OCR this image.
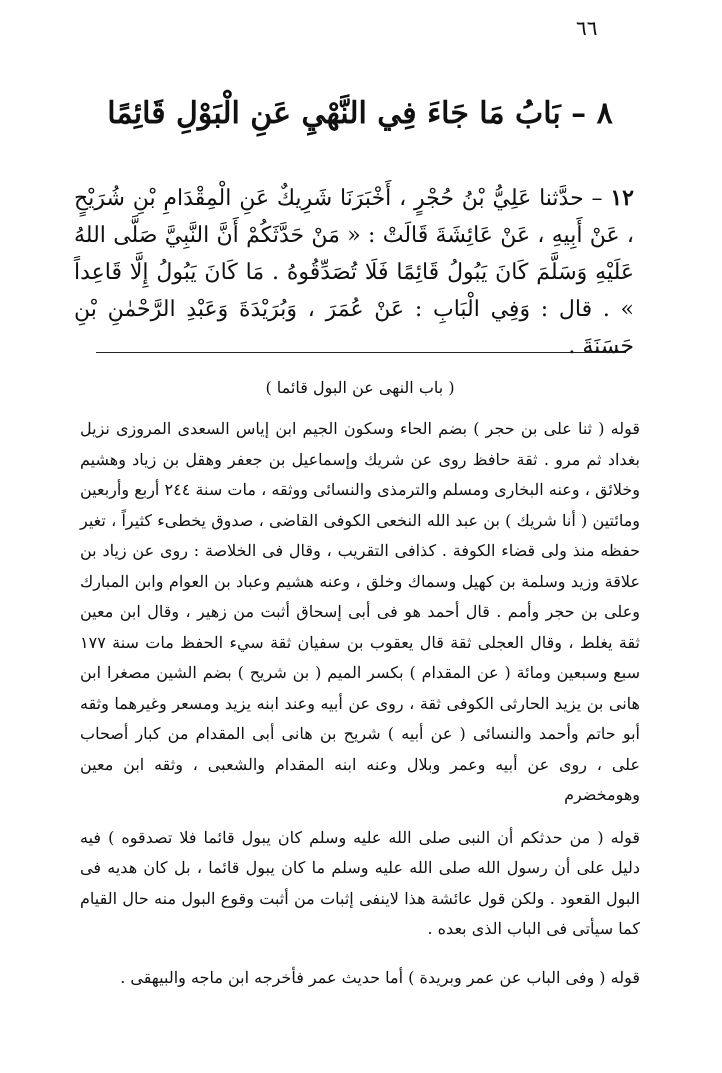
٦٦
٨ – بَابُ مَا جَاءَ فِي النَّهْيِ عَنِ الْبَوْلِ قَائِمًا

١٢ – حدَّثنا عَلِيُّ بْنُ حُجْرٍ ، أَخْبَرَنَا شَرِيكٌ عَنِ الْمِقْدَامِ بْنِ شُرَيْحٍ ، عَنْ أَبِيهِ ، عَنْ عَائِشَةَ قَالَتْ : « مَنْ حَدَّثَكُمْ أَنَّ النَّبِيَّ صَلَّى اللهُ عَلَيْهِ وَسَلَّمَ كَانَ يَبُولُ قَائِمًا فَلَا تُصَدِّقُوهُ . مَا كَانَ يَبُولُ إِلَّا قَاعِداً » . قال : وَفِي الْبَابِ : عَنْ عُمَرَ ، وَبُرَيْدَةَ وَعَبْدِ الرَّحْمٰنِ بْنِ حَسَنَةَ .

( باب النهى عن البول قائما )

قوله ( ثنا على بن حجر ) بضم الحاء وسكون الجيم ابن إياس السعدى المروزى نزيل بغداد ثم مرو . ثقة حافظ روى عن شريك وإسماعيل بن جعفر وهقل بن زياد وهشيم وخلائق ، وعنه البخارى ومسلم والترمذى والنسائى ووثقه ، مات سنة ٢٤٤ أربع وأربعين ومائتين ( أنا شريك ) بن عبد الله النخعى الكوفى القاضى ، صدوق يخطىء كثيراً ، تغير حفظه منذ ولى قضاء الكوفة . كذافى التقريب ، وقال فى الخلاصة : روى عن زياد بن علاقة وزيد وسلمة بن كهيل وسماك وخلق ، وعنه هشيم وعباد بن العوام وابن المبارك وعلى بن حجر وأمم . قال أحمد هو فى أبى إسحاق أثبت من زهير ، وقال ابن معين ثقة يغلط ، وقال العجلى ثقة قال يعقوب بن سفيان ثقة سيء الحفظ مات سنة ١٧٧ سبع وسبعين ومائة ( عن المقدام ) بكسر الميم ( بن شريح ) بضم الشين مصغرا ابن هانى بن يزيد الحارثى الكوفى ثقة ، روى عن أبيه وعند ابنه يزيد ومسعر وغيرهما وثقه أبو حاتم وأحمد والنسائى ( عن أبيه ) شريح بن هانى أبى المقدام من كبار أصحاب على ، روى عن أبيه وعمر وبلال وعنه ابنه المقدام والشعبى ، وثقه ابن معين وهومخضرم

قوله ( من حدثكم أن النبى صلى الله عليه وسلم كان يبول قائما فلا تصدقوه ) فيه دليل على أن رسول الله صلى الله عليه وسلم ما كان يبول قائما ، بل كان هديه فى البول القعود . ولكن قول عائشة هذا لاينفى إثبات من أثبت وقوع البول منه حال القيام كما سيأتى فى الباب الذى بعده .

قوله ( وفى الباب عن عمر وبريدة ) أما حديث عمر فأخرجه ابن ماجه والبيهقى .
